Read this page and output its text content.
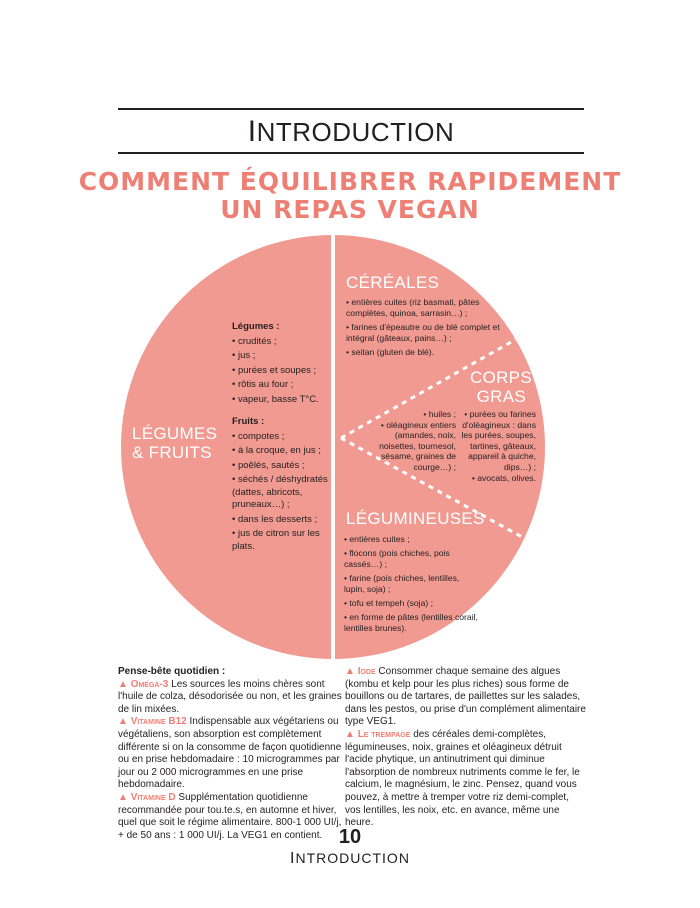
INTRODUCTION
COMMENT ÉQUILIBRER RAPIDEMENT
UN REPAS VEGAN
LÉGUMES
& FRUITS
Légumes :
• crudités ;
• jus ;
• purées et soupes ;
• rôtis au four ;
• vapeur, basse T°C.
Fruits :
• compotes ;
• à la croque, en jus ;
• poêlés, sautés ;
• séchés / déshydratés (dattes, abricots, pruneaux…) ;
• dans les desserts ;
• jus de citron sur les plats.
CÉRÉALES
• entières cuites (riz basmati, pâtes complètes, quinoa, sarrasin…) ;
• farines d'épeautre ou de blé complet et intégral (gâteaux, pains…) ;
• seitan (gluten de blé).
CORPS
GRAS
• huiles ;
• oléagineux entiers (amandes, noix, noisettes, tournesol, sésame, graines de courge…) ;
• purées ou farines d'oléagineux : dans les purées, soupes, tartines, gâteaux, appareil à quiche, dips…) ;
• avocats, olives.
LÉGUMINEUSES
• entières cuites ;
• flocons (pois chiches, pois cassés…) ;
• farine (pois chiches, lentilles, lupin, soja) ;
• tofu et tempeh (soja) ;
• en forme de pâtes (lentilles corail, lentilles brunes).

Pense-bête quotidien :

▲ Oméga-3 Les sources les moins chères sont l'huile de colza, désodorisée ou non, et les graines de lin mixées.

▲ Vitamine B12 Indispensable aux végétariens ou végétaliens, son absorption est complètement différente si on la consomme de façon quotidienne ou en prise hebdomadaire : 10 microgrammes par jour ou 2 000 microgrammes en une prise hebdomadaire.

▲ Vitamine D Supplémentation quotidienne recommandée pour tou.te.s, en automne et hiver, quel que soit le régime alimentaire. 800-1 000 UI/j, + de 50 ans : 1 000 UI/j. La VEG1 en contient.

▲ Iode Consommer chaque semaine des algues (kombu et kelp pour les plus riches) sous forme de bouillons ou de tartares, de paillettes sur les salades, dans les pestos, ou prise d'un complément alimentaire type VEG1.

▲ Le trempage des céréales demi-complètes, légumineuses, noix, graines et oléagineux détruit l'acide phytique, un antinutriment qui diminue l'absorption de nombreux nutriments comme le fer, le calcium, le magnésium, le zinc. Pensez, quand vous pouvez, à mettre à tremper votre riz demi-complet, vos lentilles, les noix, etc. en avance, même une heure.

10
INTRODUCTION
